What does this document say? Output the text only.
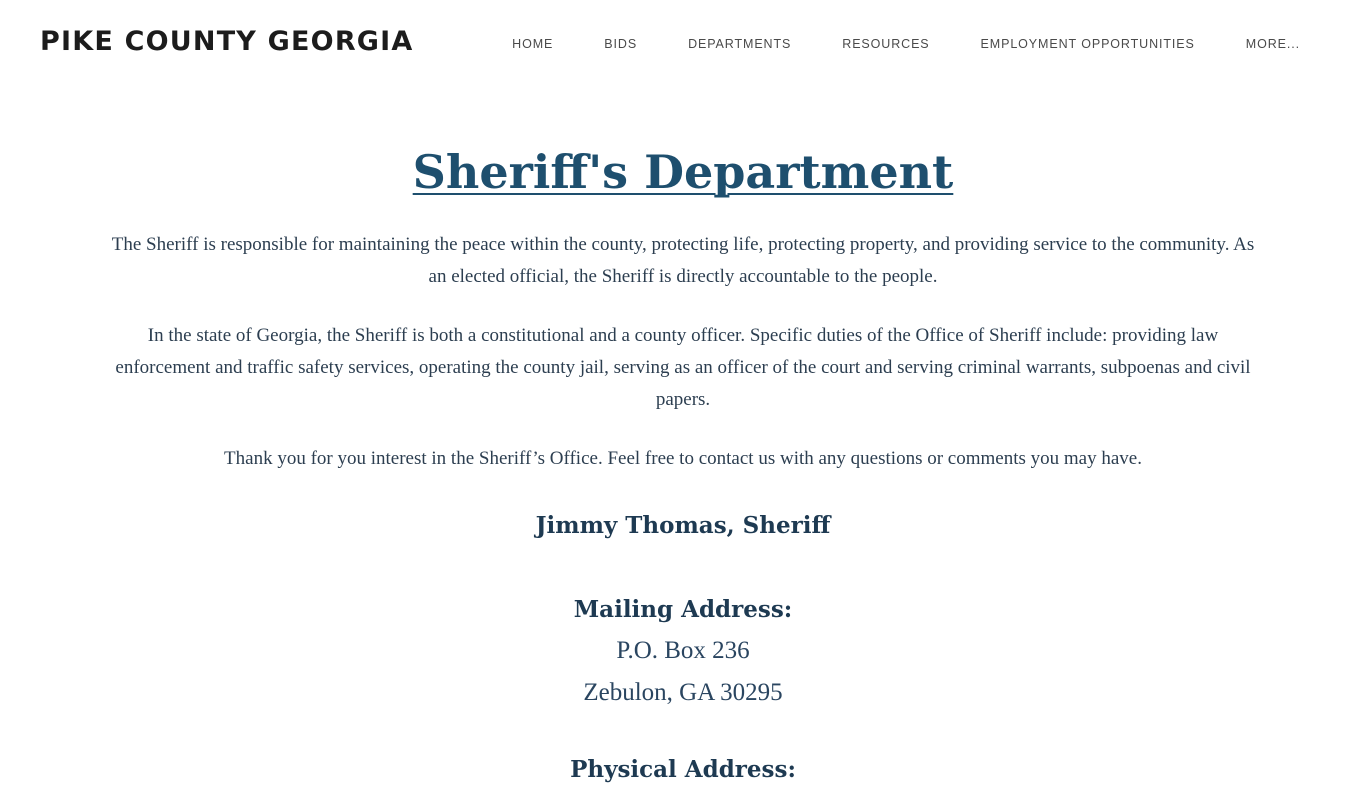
PIKE COUNTY GEORGIA	HOME	BIDS	DEPARTMENTS	RESOURCES	EMPLOYMENT OPPORTUNITIES	MORE...
Sheriff's Department

The Sheriff is responsible for maintaining the peace within the county, protecting life, protecting property, and providing service to the community. As an elected official, the Sheriff is directly accountable to the people.

In the state of Georgia, the Sheriff is both a constitutional and a county officer. Specific duties of the Office of Sheriff include: providing law enforcement and traffic safety services, operating the county jail, serving as an officer of the court and serving criminal warrants, subpoenas and civil papers.

Thank you for you interest in the Sheriff’s Office. Feel free to contact us with any questions or comments you may have.

Jimmy Thomas, Sheriff
Mailing Address:
P.O. Box 236
Zebulon, GA 30295
Physical Address:
